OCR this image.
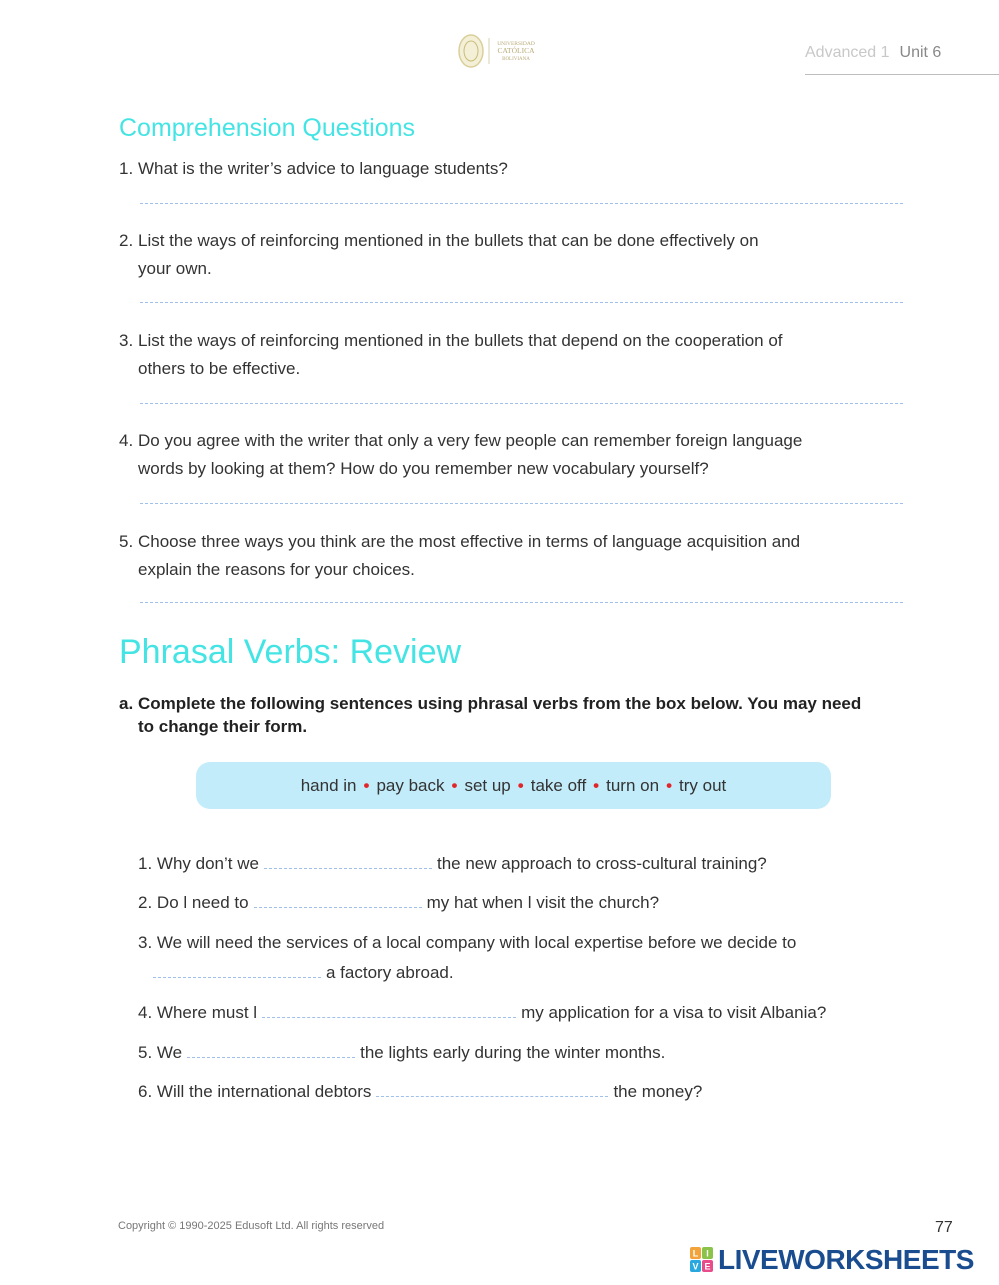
UNIVERSIDAD
CATÓLICA
BOLIVIANA	Advanced 1 Unit 6
Comprehension Questions
1. What is the writer’s advice to language students?
2. List the ways of reinforcing mentioned in the bullets that can be done effectively on
your own.
3. List the ways of reinforcing mentioned in the bullets that depend on the cooperation of
others to be effective.
4. Do you agree with the writer that only a very few people can remember foreign language
words by looking at them? How do you remember new vocabulary yourself?
5. Choose three ways you think are the most effective in terms of language acquisition and
explain the reasons for your choices.
Phrasal Verbs: Review
a. Complete the following sentences using phrasal verbs from the box below. You may need
to change their form.
hand in • pay back • set up • take off • turn on • try out
1. Why don’t we	the new approach to cross-cultural training?
2. Do l need to	my hat when l visit the church?
3. We will need the services of a local company with local expertise before we decide to
a factory abroad.
4. Where must l	my application for a visa to visit Albania?
5. We	the lights early during the winter months.
6. Will the international debtors	the money?
Copyright © 1990-2025 Edusoft Ltd. All rights reserved	77
L I
V E LIVEWORKSHEETS
